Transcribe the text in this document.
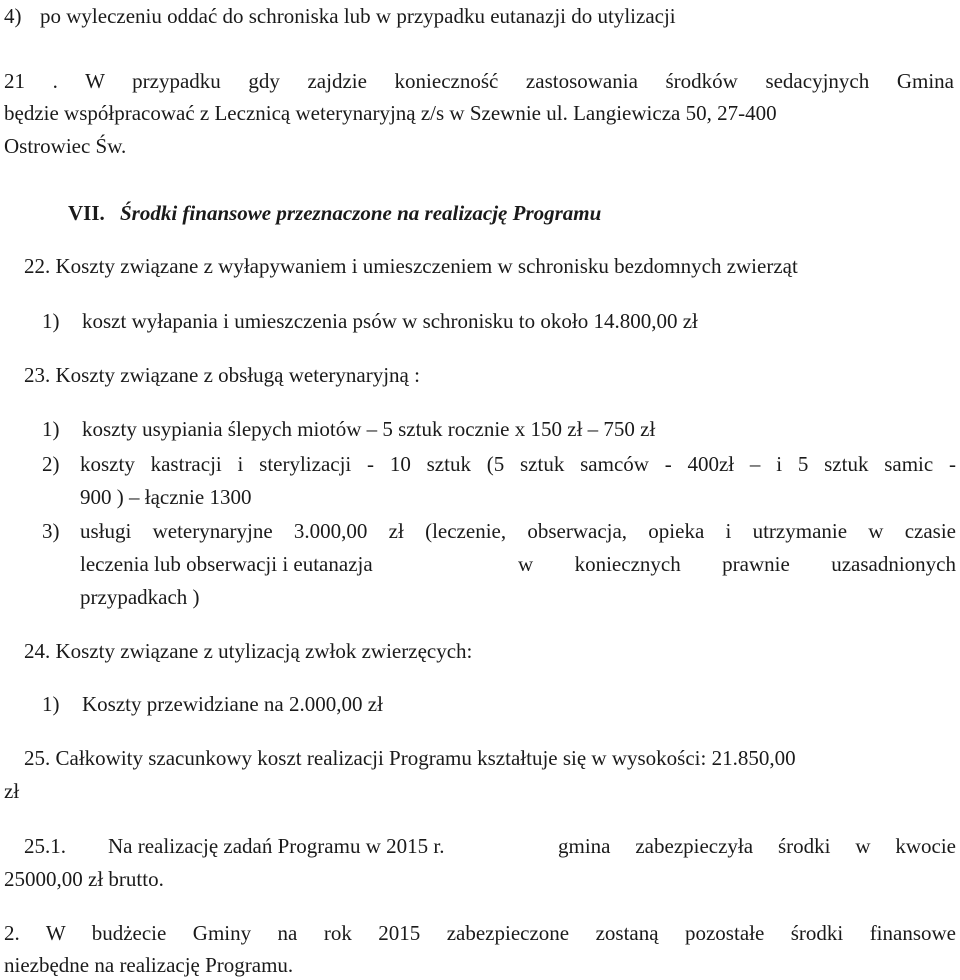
4) po wyleczeniu oddać do schroniska lub w przypadku eutanazji do utylizacji
21 . W przypadku gdy zajdzie konieczność zastosowania środków sedacyjnych Gmina
będzie współpracować z Lecznicą weterynaryjną z/s w Szewnie ul. Langiewicza 50, 27-400
Ostrowiec Św.
VII. Środki finansowe przeznaczone na realizację Programu
22. Koszty związane z wyłapywaniem i umieszczeniem w schronisku bezdomnych zwierząt
1) koszt wyłapania i umieszczenia psów w schronisku to około 14.800,00 zł
23. Koszty związane z obsługą weterynaryjną :
1) koszty usypiania ślepych miotów – 5 sztuk rocznie x 150 zł – 750 zł
2) koszty kastracji i sterylizacji - 10 sztuk (5 sztuk samców - 400zł – i 5 sztuk samic -
900 ) – łącznie 1300
3) usługi weterynaryjne 3.000,00 zł (leczenie, obserwacja, opieka i utrzymanie w czasie
leczenia lub obserwacji i eutanazja	w koniecznych prawnie uzasadnionych
przypadkach )
24. Koszty związane z utylizacją zwłok zwierzęcych:
1) Koszty przewidziane na 2.000,00 zł
25. Całkowity szacunkowy koszt realizacji Programu kształtuje się w wysokości: 21.850,00
zł
25.1. Na realizację zadań Programu w 2015 r.	gmina zabezpieczyła środki w kwocie
25000,00 zł brutto.
2. W budżecie Gminy na rok 2015 zabezpieczone zostaną pozostałe środki finansowe
niezbędne na realizację Programu.
